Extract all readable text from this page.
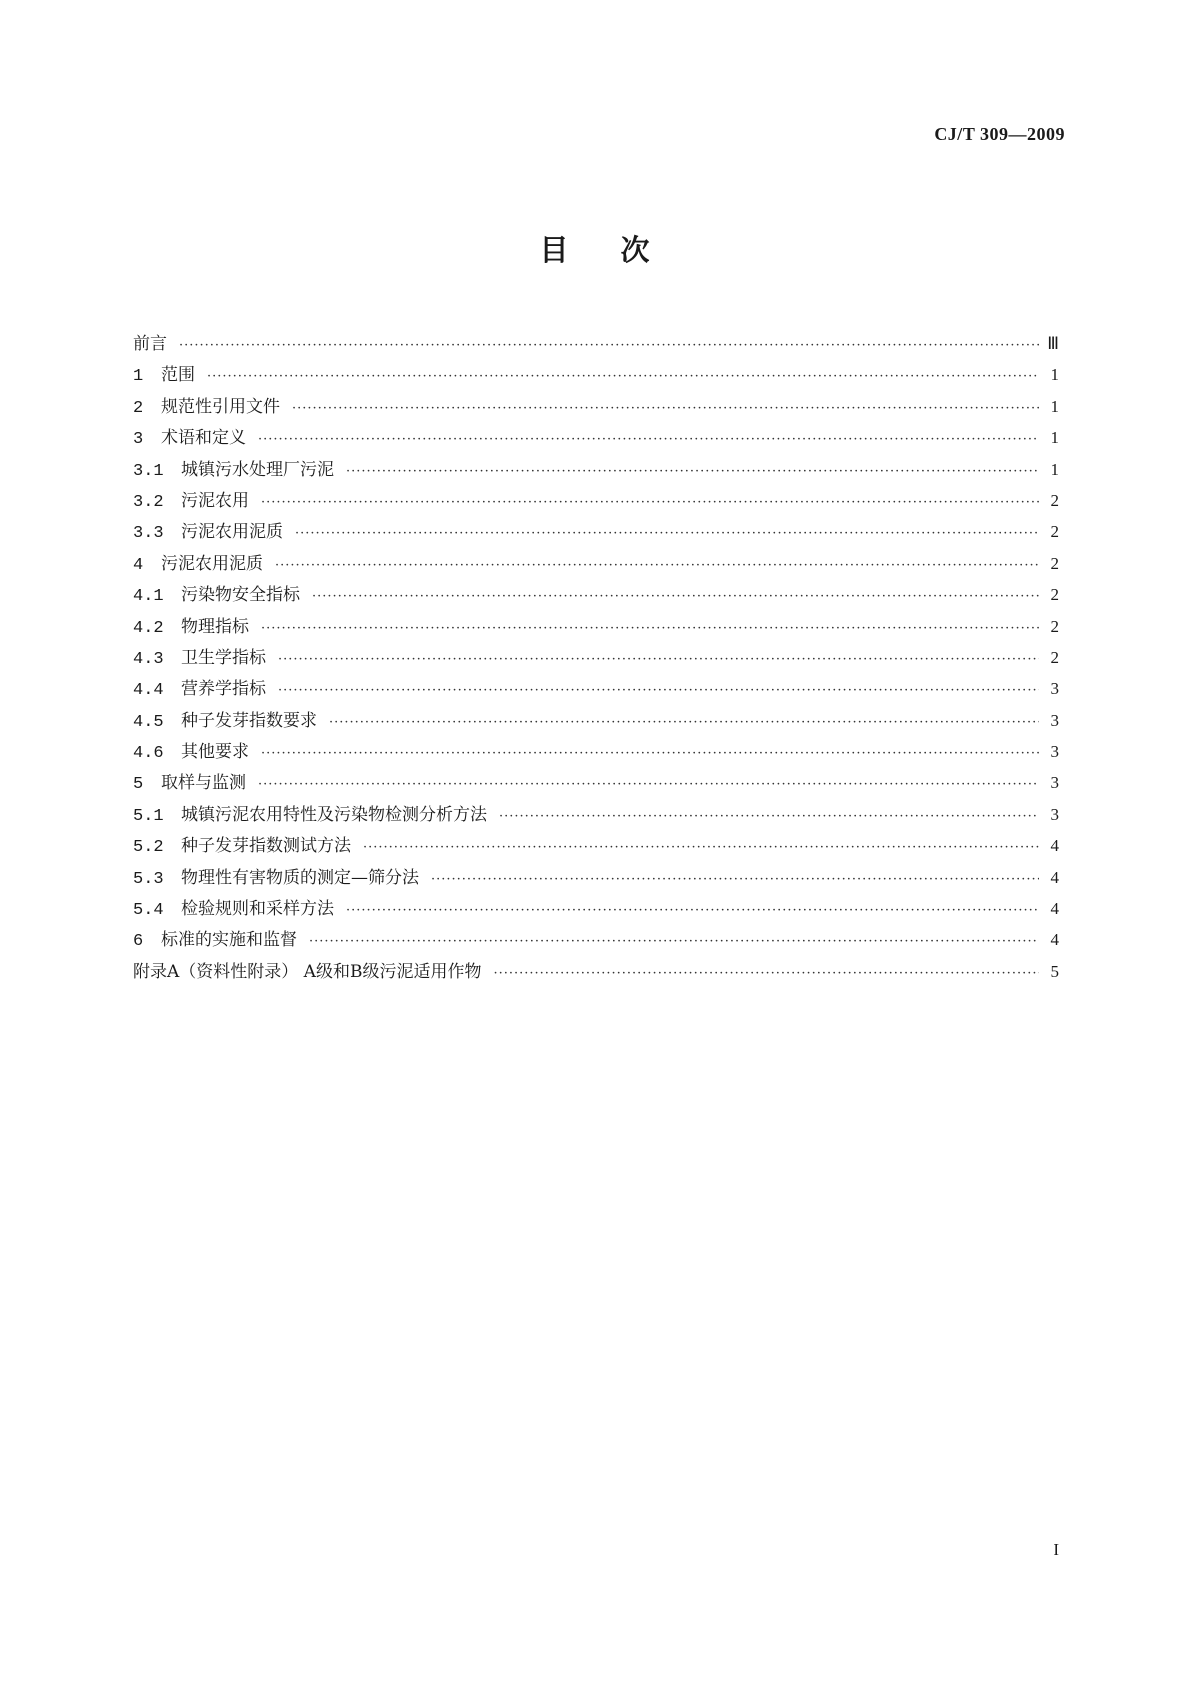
CJ/T 309—2009
目 次
前言 ·····	Ⅲ
1	范围 ·····	1
2	规范性引用文件 ·····	1
3	术语和定义 ·····	1
3.1	城镇污水处理厂污泥 ·····	1
3.2	污泥农用 ·····	2
3.3	污泥农用泥质 ·····	2
4	污泥农用泥质 ·····	2
4.1	污染物安全指标 ·····	2
4.2	物理指标 ·····	2
4.3	卫生学指标 ·····	2
4.4	营养学指标 ·····	3
4.5	种子发芽指数要求 ·····	3
4.6	其他要求 ·····	3
5	取样与监测 ·····	3
5.1	城镇污泥农用特性及污染物检测分析方法 ·····	3
5.2	种子发芽指数测试方法 ·····	4
5.3	物理性有害物质的测定—筛分法 ·····	4
5.4	检验规则和采样方法 ·····	4
6	标准的实施和监督 ·····	4
附录A（资料性附录） A级和B级污泥适用作物 ·····	5
I
